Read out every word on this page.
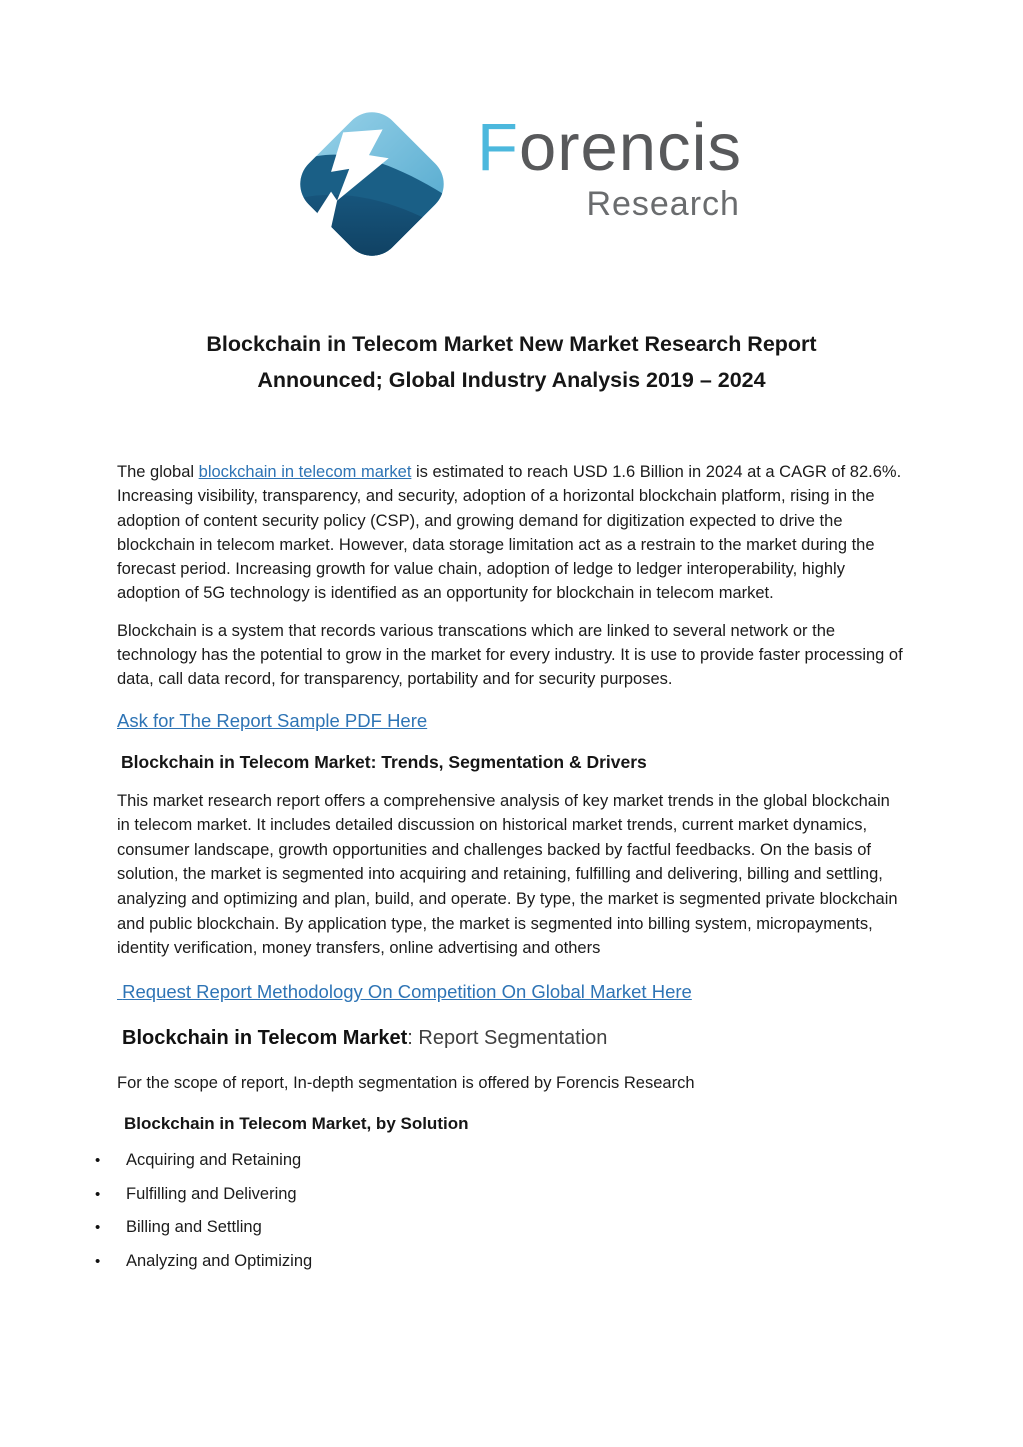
Forencis
Research
Blockchain in Telecom Market New Market Research Report
Announced; Global Industry Analysis 2019 – 2024

The global blockchain in telecom market is estimated to reach USD 1.6 Billion in 2024 at a CAGR of 82.6%. Increasing visibility, transparency, and security, adoption of a horizontal blockchain platform, rising in the adoption of content security policy (CSP), and growing demand for digitization expected to drive the blockchain in telecom market. However, data storage limitation act as a restrain to the market during the forecast period. Increasing growth for value chain, adoption of ledge to ledger interoperability, highly adoption of 5G technology is identified as an opportunity for blockchain in telecom market.

Blockchain is a system that records various transcations which are linked to several network or the technology has the potential to grow in the market for every industry. It is use to provide faster processing of data, call data record, for transparency, portability and for security purposes.

Ask for The Report Sample PDF Here

Blockchain in Telecom Market: Trends, Segmentation & Drivers

This market research report offers a comprehensive analysis of key market trends in the global blockchain in telecom market. It includes detailed discussion on historical market trends, current market dynamics, consumer landscape, growth opportunities and challenges backed by factful feedbacks. On the basis of solution, the market is segmented into acquiring and retaining, fulfilling and delivering, billing and settling, analyzing and optimizing and plan, build, and operate. By type, the market is segmented private blockchain and public blockchain. By application type, the market is segmented into billing system, micropayments, identity verification, money transfers, online advertising and others

Request Report Methodology On Competition On Global Market Here

Blockchain in Telecom Market: Report Segmentation

For the scope of report, In-depth segmentation is offered by Forencis Research

Blockchain in Telecom Market, by Solution
•	Acquiring and Retaining
•	Fulfilling and Delivering
•	Billing and Settling
•	Analyzing and Optimizing
